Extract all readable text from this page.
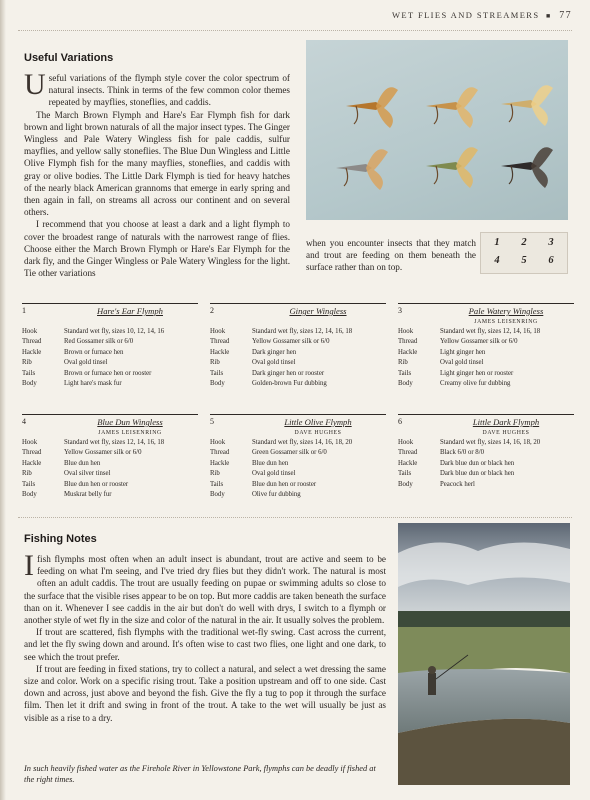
WET FLIES AND STREAMERS ■ 77
Useful Variations

Useful variations of the flymph style cover the color spectrum of natural insects. Think in terms of the few common color themes repeated by mayflies, stoneflies, and caddis.

The March Brown Flymph and Hare's Ear Flymph fish for dark brown and light brown naturals of all the major insect types. The Ginger Wingless and Pale Watery Wingless fish for pale caddis, sulfur mayflies, and yellow sally stoneflies. The Blue Dun Wingless and Little Olive Flymph fish for the many mayflies, stoneflies, and caddis with gray or olive bodies. The Little Dark Flymph is tied for heavy hatches of the nearly black American grannoms that emerge in early spring and then again in fall, on streams all across our continent and on several others.

I recommend that you choose at least a dark and a light flymph to cover the broadest range of naturals with the narrowest range of flies. Choose either the March Brown Flymph or Hare's Ear Flymph for the dark fly, and the Ginger Wingless or Pale Watery Wingless for the light. Tie other variations

when you encounter insects that they match and trout are feeding on them beneath the surface rather than on top.

1	2	3
4	5	6
1	Hare's Ear Flymph
Hook	Standard wet fly, sizes 10, 12, 14, 16
Thread	Red Gossamer silk or 6/0
Hackle	Brown or furnace hen
Rib	Oval gold tinsel
Tails	Brown or furnace hen or rooster
Body	Light hare's mask fur
2	Ginger Wingless
Hook	Standard wet fly, sizes 12, 14, 16, 18
Thread	Yellow Gossamer silk or 6/0
Hackle	Dark ginger hen
Rib	Oval gold tinsel
Tails	Dark ginger hen or rooster
Body	Golden-brown Fur dubbing
3	Pale Watery Wingless
JAMES LEISENRING
Hook	Standard wet fly, sizes 12, 14, 16, 18
Thread	Yellow Gossamer silk or 6/0
Hackle	Light ginger hen
Rib	Oval gold tinsel
Tails	Light ginger hen or rooster
Body	Creamy olive fur dubbing
4	Blue Dun Wingless
JAMES LEISENRING
Hook	Standard wet fly, sizes 12, 14, 16, 18
Thread	Yellow Gossamer silk or 6/0
Hackle	Blue dun hen
Rib	Oval silver tinsel
Tails	Blue dun hen or rooster
Body	Muskrat belly fur
5	Little Olive Flymph
DAVE HUGHES
Hook	Standard wet fly, sizes 14, 16, 18, 20
Thread	Green Gossamer silk or 6/0
Hackle	Blue dun hen
Rib	Oval gold tinsel
Tails	Blue dun hen or rooster
Body	Olive fur dubbing
6	Little Dark Flymph
DAVE HUGHES
Hook	Standard wet fly, sizes 14, 16, 18, 20
Thread	Black 6/0 or 8/0
Hackle	Dark blue dun or black hen
Tails	Dark blue dun or black hen
Body	Peacock herl
Fishing Notes

Ifish flymphs most often when an adult insect is abundant, trout are active and seem to be feeding on what I'm seeing, and I've tried dry flies but they didn't work. The natural is most often an adult caddis. The trout are usually feeding on pupae or swimming adults so close to the surface that the visible rises appear to be on top. But more caddis are taken beneath the surface than on it. Whenever I see caddis in the air but don't do well with drys, I switch to a flymph or another style of wet fly in the size and color of the natural in the air. It usually solves the problem.

If trout are scattered, fish flymphs with the traditional wet-fly swing. Cast across the current, and let the fly swing down and around. It's often wise to cast two flies, one light and one dark, to see which the trout prefer.

If trout are feeding in fixed stations, try to collect a natural, and select a wet dressing the same size and color. Work on a specific rising trout. Take a position upstream and off to one side. Cast down and across, just above and beyond the fish. Give the fly a tug to pop it through the surface film. Then let it drift and swing in front of the trout. A take to the wet will usually be just as visible as a rise to a dry.

In such heavily fished water as the Firehole River in Yellowstone Park, flymphs can be deadly if fished at the right times.
